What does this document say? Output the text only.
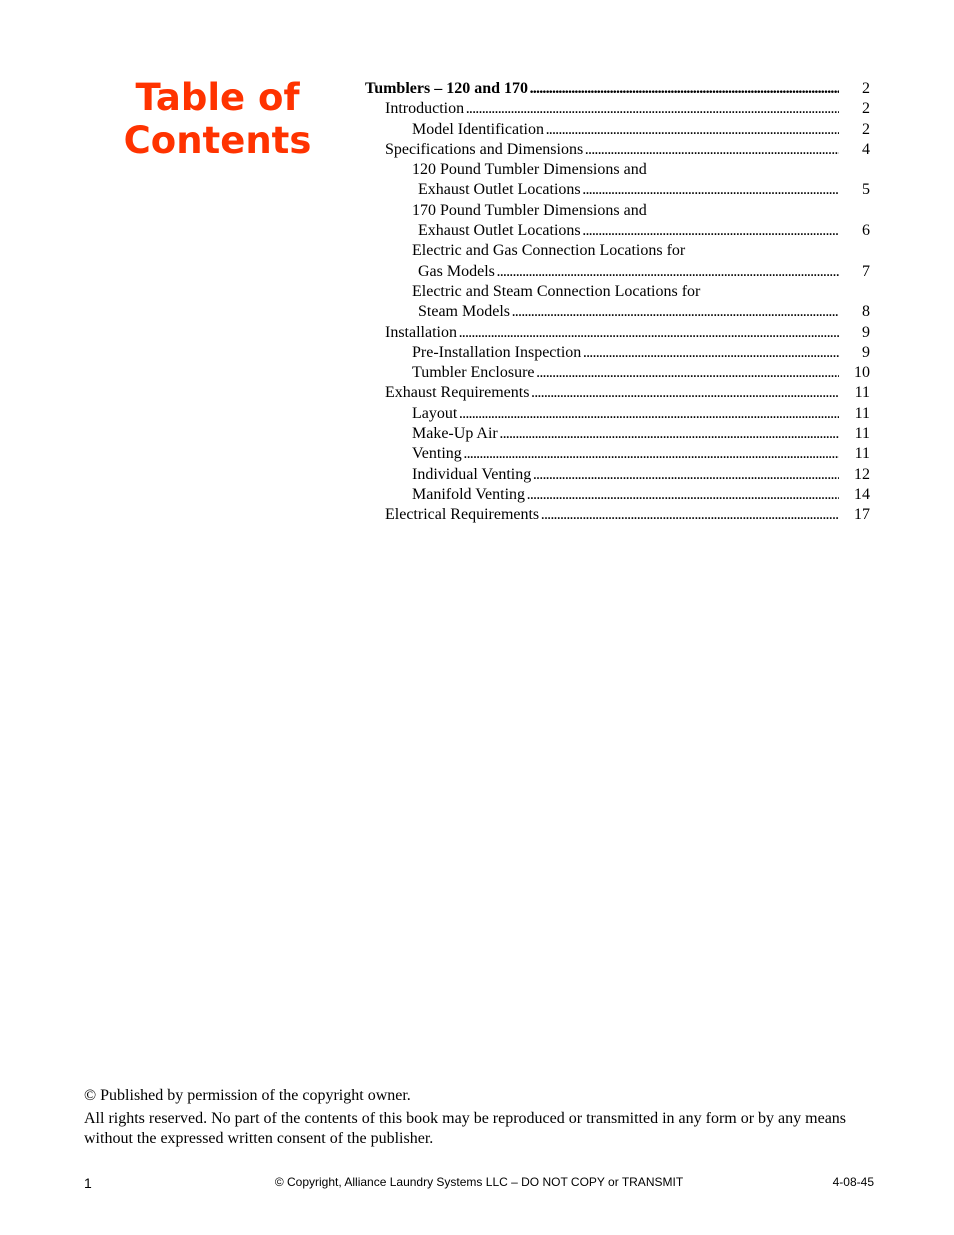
Table of
Contents
Tumblers – 120 and 170 . . .	2
Introduction . . .	2
Model Identification . . .	2
Specifications and Dimensions . . .	4
120 Pound Tumbler Dimensions and
Exhaust Outlet Locations . . .	5
170 Pound Tumbler Dimensions and
Exhaust Outlet Locations . . .	6
Electric and Gas Connection Locations for
Gas Models . . .	7
Electric and Steam Connection Locations for
Steam Models . . .	8
Installation . . .	9
Pre-Installation Inspection . . .	9
Tumbler Enclosure . . .	10
Exhaust Requirements . . .	11
Layout . . .	11
Make-Up Air . . .	11
Venting . . .	11
Individual Venting . . .	12
Manifold Venting . . .	14
Electrical Requirements . . .	17

© Published by permission of the copyright owner.

All rights reserved. No part of the contents of this book may be reproduced or transmitted in any form or by any means without the expressed written consent of the publisher.

1	© Copyright, Alliance Laundry Systems LLC – DO NOT COPY or TRANSMIT	4-08-45
